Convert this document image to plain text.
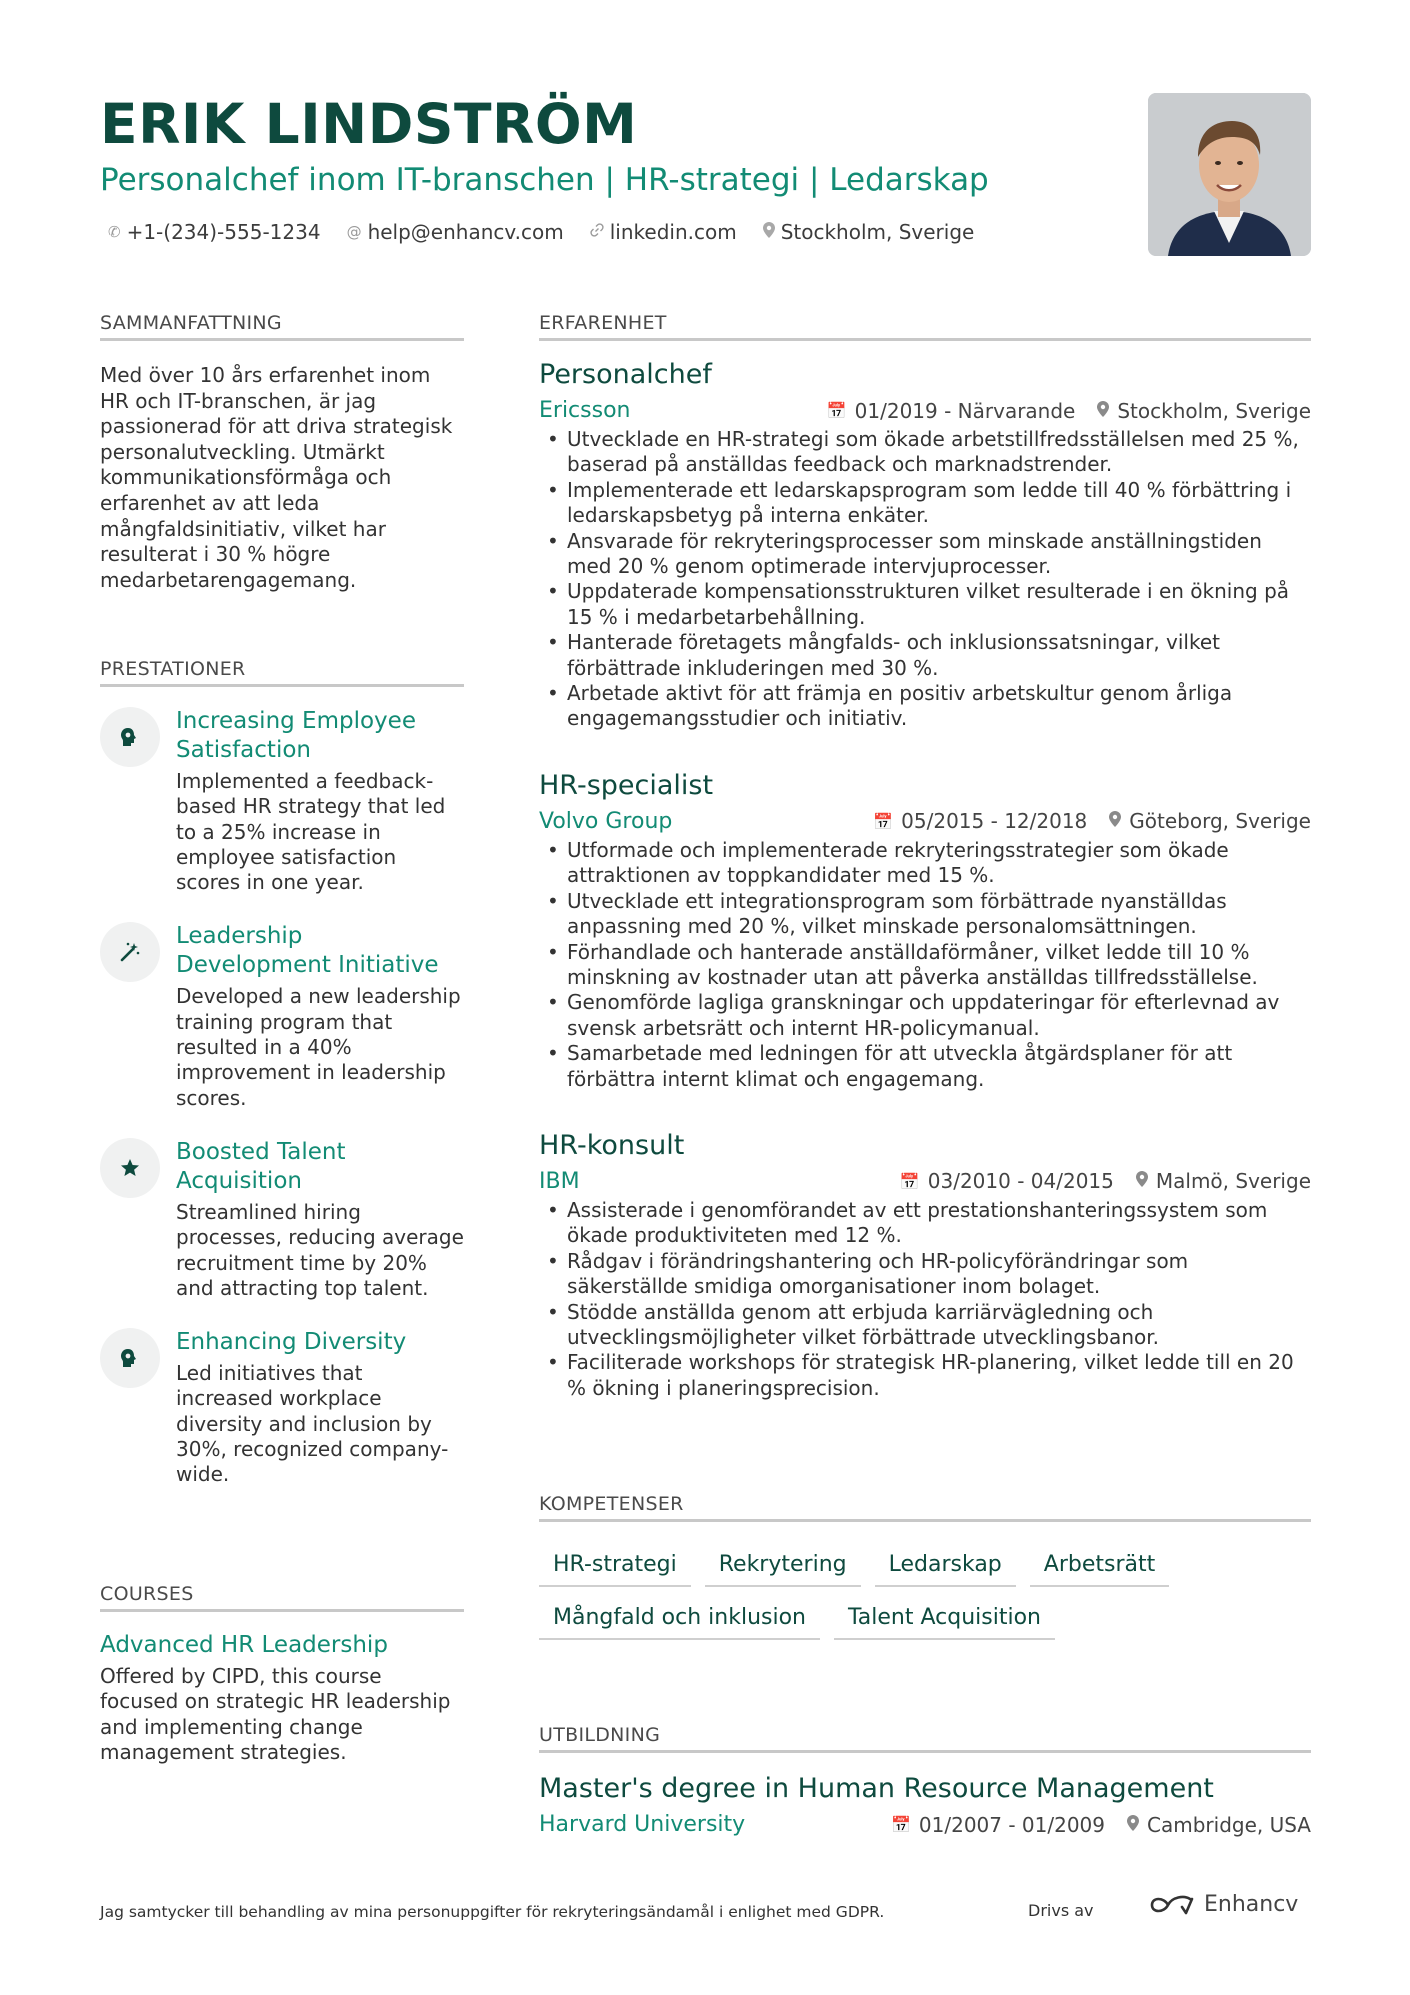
ERIK LINDSTRÖM
Personalchef inom IT-branschen | HR-strategi | Ledarskap
✆ +1-(234)-555-1234 @ help@enhancv.com linkedin.com Stockholm, Sverige
SAMMANFATTNING
Med över 10 års erfarenhet inom HR och IT-branschen, är jag passionerad för att driva strategisk personalutveckling. Utmärkt kommunikationsförmåga och erfarenhet av att leda mångfaldsinitiativ, vilket har resulterat i 30 % högre medarbetarengagemang.
PRESTATIONER
Increasing Employee Satisfaction
Implemented a feedback-based HR strategy that led to a 25% increase in employee satisfaction scores in one year.
Leadership Development Initiative
Developed a new leadership training program that resulted in a 40% improvement in leadership scores.
Boosted Talent Acquisition
Streamlined hiring processes, reducing average recruitment time by 20% and attracting top talent.
Enhancing Diversity
Led initiatives that increased workplace diversity and inclusion by 30%, recognized company-wide.
COURSES
Advanced HR Leadership
Offered by CIPD, this course focused on strategic HR leadership and implementing change management strategies.
ERFARENHET
Personalchef
Ericsson	📅 01/2019 - Närvarande Stockholm, Sverige
• Utvecklade en HR-strategi som ökade arbetstillfredsställelsen med 25 %, baserad på anställdas feedback och marknadstrender.
• Implementerade ett ledarskapsprogram som ledde till 40 % förbättring i ledarskapsbetyg på interna enkäter.
• Ansvarade för rekryteringsprocesser som minskade anställningstiden med 20 % genom optimerade intervjuprocesser.
• Uppdaterade kompensationsstrukturen vilket resulterade i en ökning på 15 % i medarbetarbehållning.
• Hanterade företagets mångfalds- och inklusionssatsningar, vilket förbättrade inkluderingen med 30 %.
• Arbetade aktivt för att främja en positiv arbetskultur genom årliga engagemangsstudier och initiativ.
HR-specialist
Volvo Group	📅 05/2015 - 12/2018 Göteborg, Sverige
• Utformade och implementerade rekryteringsstrategier som ökade attraktionen av toppkandidater med 15 %.
• Utvecklade ett integrationsprogram som förbättrade nyanställdas anpassning med 20 %, vilket minskade personalomsättningen.
• Förhandlade och hanterade anställdaförmåner, vilket ledde till 10 % minskning av kostnader utan att påverka anställdas tillfredsställelse.
• Genomförde lagliga granskningar och uppdateringar för efterlevnad av svensk arbetsrätt och internt HR-policymanual.
• Samarbetade med ledningen för att utveckla åtgärdsplaner för att förbättra internt klimat och engagemang.
HR-konsult
IBM	📅 03/2010 - 04/2015 Malmö, Sverige
• Assisterade i genomförandet av ett prestationshanteringssystem som ökade produktiviteten med 12 %.
• Rådgav i förändringshantering och HR-policyförändringar som säkerställde smidiga omorganisationer inom bolaget.
• Stödde anställda genom att erbjuda karriärvägledning och utvecklingsmöjligheter vilket förbättrade utvecklingsbanor.
• Faciliterade workshops för strategisk HR-planering, vilket ledde till en 20 % ökning i planeringsprecision.
KOMPETENSER
HR-strategi	Rekrytering	Ledarskap	Arbetsrätt
Mångfald och inklusion	Talent Acquisition
UTBILDNING
Master's degree in Human Resource Management
Harvard University	📅 01/2007 - 01/2009 Cambridge, USA
Jag samtycker till behandling av mina personuppgifter för rekryteringsändamål i enlighet med GDPR.	Drivs av	Enhancv
